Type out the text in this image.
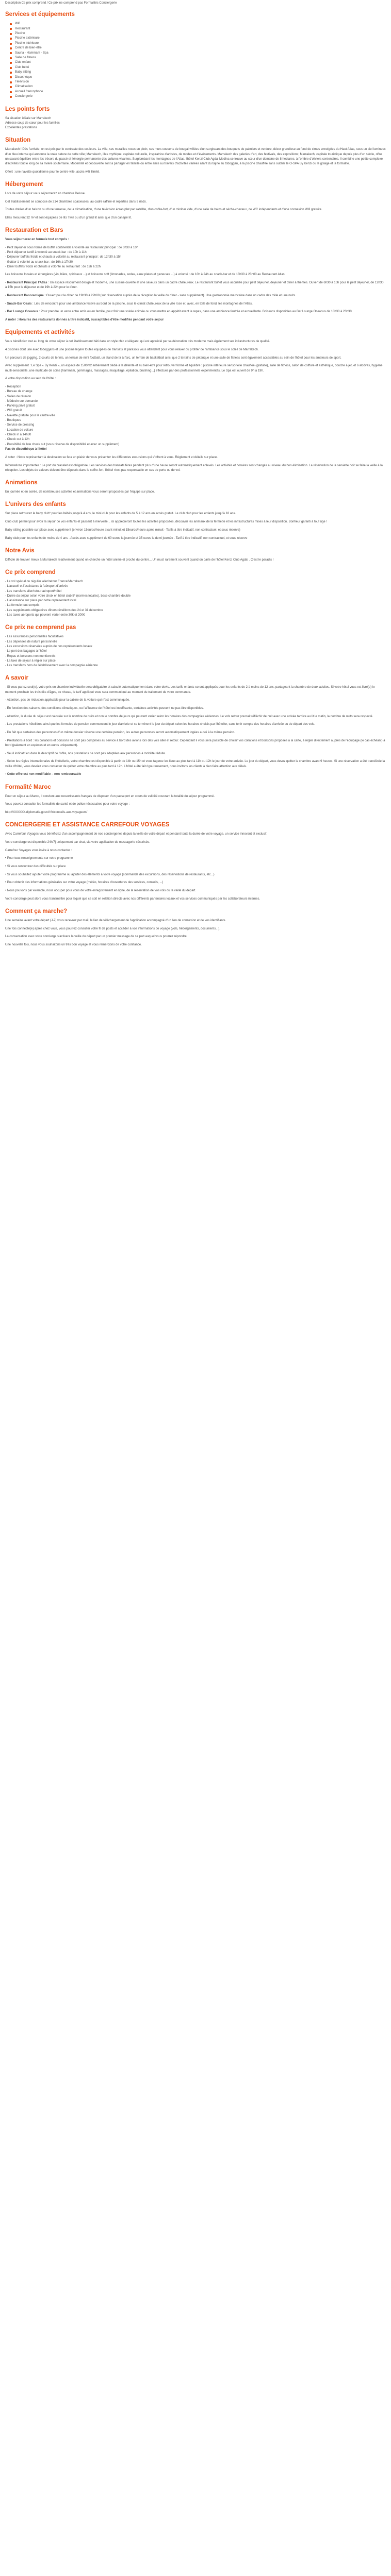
Description Ce prix comprend / Ce prix ne comprend pas Formalités Conciergerie

Services et équipements
Wifi
Restaurant
Piscine
Piscine extérieure
Piscine intérieure
Centre de bien-être
Sauna - Hammam - Spa
Salle de fitness
Club enfant
Club bébé
Baby sitting
Discothèque
Télévision
Climatisation
Accueil francophone
Conciergerie
Les points forts
Sa situation idéale sur Marrakech
Adresse coup de cœur pour les familles
Excellentes prestations
Situation

Marrakech ! Dès l'arrivée, on est pris par le contraste des couleurs. La ville, ses murailles roses en plein, ses murs couverts de bougainvillées d'un surgissant des bouquets de palmiers et verdure, décor grandiose au fond de cimes enneigées du Haut Atlas, sous un ciel lumineux d'un bleu intense qui annonce la vraie nature de cette ville; Marrakech, illes mythique, capitale culturelle, inspiratrice d'artistes, de modes et d'événements. Marrakech des galeries d'art, des festivals, des expositions; Marrakech, capitale touristique depuis plus d'un siècle, offre un savant équilibre entre les trésors du passé et l'énergie permanente des cultures vivantes. Surplombant les montagnes de l'Atlas, l'hôtel Kenzi Club Agdal Medina se trouve au cœur d'un domaine de 8 hectares, à l'ombre d'oliviers centenaires. Il combine une petite complexe d'activités tout le long de sa rivière souterraine. Modernité et découverte sont à partager en famille ou entre amis au travers d'activités variées allant du tajine au toboggan, à la piscine chauffée sans oublier le O-SPA By Kenzi ou le golage et la formalité.

Offert : une navette quotidienne pour le centre-ville, accès wifi illimité.

Hébergement

Lors de votre séjour vous séjournerez en chambre Deluxe.

Cet établissement se compose de 214 chambres spacieuses, au cadre raffiné et réparties dans 9 riads.

Toutes dotées d'un balcon ou d'une terrasse, de la climatisation, d'une télévision écran plat par satellite, d'un coffre-fort, d'un minibar vide, d'une salle de bains et sèche-cheveux, de WC indépendants et d'une connexion Wifi gratuite.

Elles mesurent 32 m² et sont équipées de lits Twin ou d'un grand lit ainsi que d'un canapé lit.

Restauration et Bars

Vous séjournerez en formule tout compris :

- Petit déjeuner sous forme de buffet continental à volonté au restaurant principal : de 6h30 à 10h
- Petit déjeuner tardif à volonté au snack-bar : de 10h à 11h
- Déjeuner buffets froids et chauds à volonté au restaurant principal : de 12h30 à 15h
- Goûter à volonté au snack-bar : de 16h à 17h30
- Dîner buffets froids et chauds à volonté au restaurant : de 19h à 22h

Les boissons locales et étrangères (vin, bière, spiritueux ...) et boissons soft (limonades, sodas, eaux plates et gazeuses ...) à volonté : de 10h à 24h au snack-bar et de 18h30 à 23h00 au Restaurant Atlas

- Restaurant Principal l'Atlas : Un espace résolument design et moderne, une cuisine ouverte et une saveurs dans un cadre chaleureux. Le restaurant buffet vous accueille pour petit déjeuner, déjeuner et dîner à thèmes. Ouvert de 6h30 à 10h pour le petit déjeuner, de 12h30 à 15h pour le déjeuner et de 19h à 22h pour le dîner.

- Restaurant Panoramique : Ouvert pour le dîner de 19h30 à 22h00 (sur réservation auprès de la réception la veille du dîner - sans supplément). Une gastronomie marocaine dans un cadre des mille et une nuits.

- Snack-Bar Oasis : Lieu de rencontre pour une ambiance festive au bord de la piscine, sous le climat chaleureux de la ville rose et, avec, en toile de fond, les montagnes de l'Atlas.

- Bar Lounge Oceanus : Pour prendre un verre entre amis ou en famille, pour finir une soirée animée ou vous mettre en appétit avant le repas, dans une ambiance feutrée et accueillante. Boissons disponibles au Bar Lounge Oceanus de 18h30 à 23h30

A noter : Horaires des restaurants donnés à titre indicatif, susceptibles d'être modifiés pendant votre séjour

Equipements et activités

Vous bénéficiez tout au long de votre séjour à cet établissement bâti dans un style chic et élégant, qui est apprécié par sa décoration très moderne mais également ses infrastructures de qualité.

4 piscines dont une avec toboggans et une piscine légère toutes équipées de transats et parasols vous attendent pour vous relaxer ou profiter de l'ambiance sous le soleil de Marrakech.

Un parcours de jogging, 2 courts de tennis, un terrain de mini football, un stand de tir à l'arc, un terrain de basketball ainsi que 2 terrains de pétanque et une salle de fitness sont également accessibles au sein de l'hôtel pour les amateurs de sport.

Avec supplément : Le Spa « By Kenzi », un espace de 1500m2 entièrement dédié à la détente et au bien-être pour retrouver forme et équilibre : piscine intérieure sensorielle chauffée (gratuite), salle de fitness, salon de coiffure et esthétique, douche à jet, et 6 alcôves, hygiène multi-sensorielle, une multitude de soins (hammam, gommages, massages, maquillage, épilation, brushing...) effectués par des professionnels expérimentés. Le Spa est ouvert de 9h à 19h.

A votre disposition au sein de l'hôtel :

- Réception
- Bureau de change
- Salles de réunion
- Médecin sur demande
- Parking privé gratuit
- Wifi gratuit
- Navette gratuite pour le centre-ville
- Boutiques
- Service de pressing
- Location de voiture
- Check in à 14h30
- Check out à 12h
- Possibilité de late check out (sous réserve de disponibilité et avec un supplément)
Pas de discothèque à l'hôtel

A noter : Notre représentant à destination se fera un plaisir de vous présenter les différentes excursions qui s'offrent à vous. Règlement et détails sur place.

Informations importantes : Le port du bracelet est obligatoire. Les services des transats fères pendant plus d'une heure seront automatiquement enlevés. Les activités et horaires sont changés au niveau du bon élimination. La réservation de la serviette doit se faire la veille à la réception. Les objets de valeurs doivent être déposés dans le coffre-fort, l'hôtel n'est pas responsable en cas de perte ou de vol.

Animations

En journée et en soirée, de nombreuses activités et animations vous seront proposées par l'équipe sur place.

L'univers des enfants

Sur place retrouvez le baby club* pour les bébés jusqu'à 4 ans, le mini club pour les enfants de 5 à 12 ans en accès gratuit. Le club club pour les enfants jusqu'à 18 ans.

Club club permet pour avoir la séjour de vos enfants et passent à merveille... ils apprécieront toutes les activités proposées, découvrir les animaux de la fermette et les infrastructures mises à leur disposition. Bonheur garanti à tout âge !

Baby sitting possible sur place avec supplément (environ 15euros/heure avant minuit et 15euros/heure après minuit - Tarifs à titre indicatif, non contractuel, et sous réserve)

Baby club pour les enfants de moins de 4 ans - Accès avec supplément de 60 euros la journée et 35 euros la demi journée - Tarif à titre indicatif, non contractuel, et sous réserve

Notre Avis

Difficile de trouver mieux à Marrakech relativement quand on cherche un hôtel animé et proche du centre... Un must rarement souvent quand on parle de l'hôtel Kenzi Club Agdal . C'est le paradis !

Ce prix comprend
- Le vol spécial ou régulier aller/retour France/Marrakech
- L'accueil et l'assistance à l'aéroport d'arrivée
- Les transferts aller/retour aéroport/hôtel
- Durée du séjour selon votre choix en hôtel club 5* (normes locales), base chambre double
- L'assistance sur place par notre représentant local
- La formule tout compris
- Les suppléments obligatoires dîners réveillons des 24 et 31 décembre
- Les taxes aéroports qui peuvent varier entre 30€ et 200€
Ce prix ne comprend pas
- Les assurances personnelles facultatives
- Les dépenses de nature personnelle
- Les excursions réservées auprès de nos représentants locaux
- Le port des bagages à l'hôtel
- Repas et boissons non mentionnés
- La taxe de séjour à régler sur place
- Les transferts hors de l'établissement avec la compagnie aérienne
A savoir

- Si vous partez seul(e), votre prix en chambre individuelle sera obligatoire et calculé automatiquement dans votre devis. Les tarifs enfants seront appliqués pour les enfants de 2 à moins de 12 ans, partageant la chambre de deux adultes. Si votre hôtel vous est livré(e) le moment prochain les trois dits d'âges, ce niveau, le tarif appliqué vous sera communiqué au moment du traitement de votre commande.

- Attention, pas de réduction applicable pour la cabine de la voiture qui n'est communiquée.

- En fonction des saisons, des conditions climatiques, ou l'affluence de l'hôtel est insuffisante, certaines activités peuvent ne pas être disponibles.

- Attention, la durée du séjour est calculée sur le nombre de nuits et non le nombre de jours qui peuvent varier selon les horaires des compagnies aériennes. Le vols retour pourrait réfléchir de nuit avec une arrivée tardive au lit le matin, la nombre de nuits sera respecté.

- Les prestations hôtelières ainsi que les formules de pension commencent le jour d'arrivée et se terminent le jour du départ selon les horaires choisis par l'hôtelier, sans tenir compte des horaires d'arrivée ou de départ des vols.

- Du fait que certaines des personnes d'un même dossier réserve une certaine pension, les autres personnes seront automatiquement logées aussi à la même pension.

- Prestations à bord : les collations et boissons ne sont pas comprises au service à bord des avions lors des vols aller et retour. Cependant il vous sera possible de choisir vos collations et boissons proposés à la carte, à régler directement auprès de l'équipage (le cas échéant) à bord (paiement en espèces et en euros uniquement).

- Seuil indicatif en dans le descriptif de l'offre, nos prestations ne sont pas adaptées aux personnes à mobilité réduite.

- Selon les règles internationales de l'hôtellerie, votre chambre est disponible à partir de 14h ou 15h et vous tagerez les lieux au plus tard à 11h ou 12h le jour de votre arrivée. Le jour du départ, vous devez quitter la chambre avant 9 heures. Si une réservation a été transférée la veille d'hôtel, vous devriez vous contacter de quitter votre chambre au plus tard à 12h. L'hôtel a été fait rigoureusement, nous invitons les clients à bien faire attention aux délais.

- Cette offre est non modifiable – non remboursable

Formalité Maroc

Pour un séjour au Maroc, il convient aux ressortissants français de disposer d'un passeport en cours de validité couvrant la totalité du séjour programmé.

Vous pouvez consulter les formalités de santé et de police nécessaires pour votre voyage :

http://XXXXXX.diplomatie.gouv.fr/fr/conseils-aux-voyageurs/

CONCIERGERIE ET ASSISTANCE CARREFOUR VOYAGES

Avec Carrefour Voyages vous bénéficiez d'un accompagnement de nos conciergeries depuis la veille de votre départ et pendant toute la durée de votre voyage, un service innovant et exclusif.

Votre concierge est disponible 24h/7j uniquement par chat, via votre application de messagerie sécurisée.

Carrefour Voyages vous invite à nous contacter :

• Pour tous renseignements sur votre programme

• Si vous rencontrez des difficultés sur place

• Si vous souhaitez ajouter votre programme ou ajouter des éléments à votre voyage (commande des excursions, des réservations de restaurants, etc...)

• Pour obtenir des informations générales sur votre voyage (météo, horaires d'ouvertures des services, conseils, ...)

• Nous pouvons par exemple, nous occuper pour vous de votre enregistrement en ligne, de la réservation de vos vols ou la veille du départ.

Votre concierge peut alors vous transmettre pour lequel que ce soit en relation directe avec nos différents partenaires locaux et vos services communiqués par les collaborateurs internes.

Comment ça marche?

Une semaine avant votre départ (J-7) vous recevrez par mail, le lien de téléchargement de l'application accompagné d'un lien de connexion et de vos identifiants.

Une fois connecté(e) après chez vous, vous pourrez consulter votre fil de posts et accéder à vos informations de voyage (vols, hébergements, documents...).

La conversation avec votre concierge s'activera la veille du départ par un premier message de sa part auquel vous pourrez répondre.

Une nouvelle fois, nous vous souhaitons un très bon voyage et vous remercions de votre confiance.
